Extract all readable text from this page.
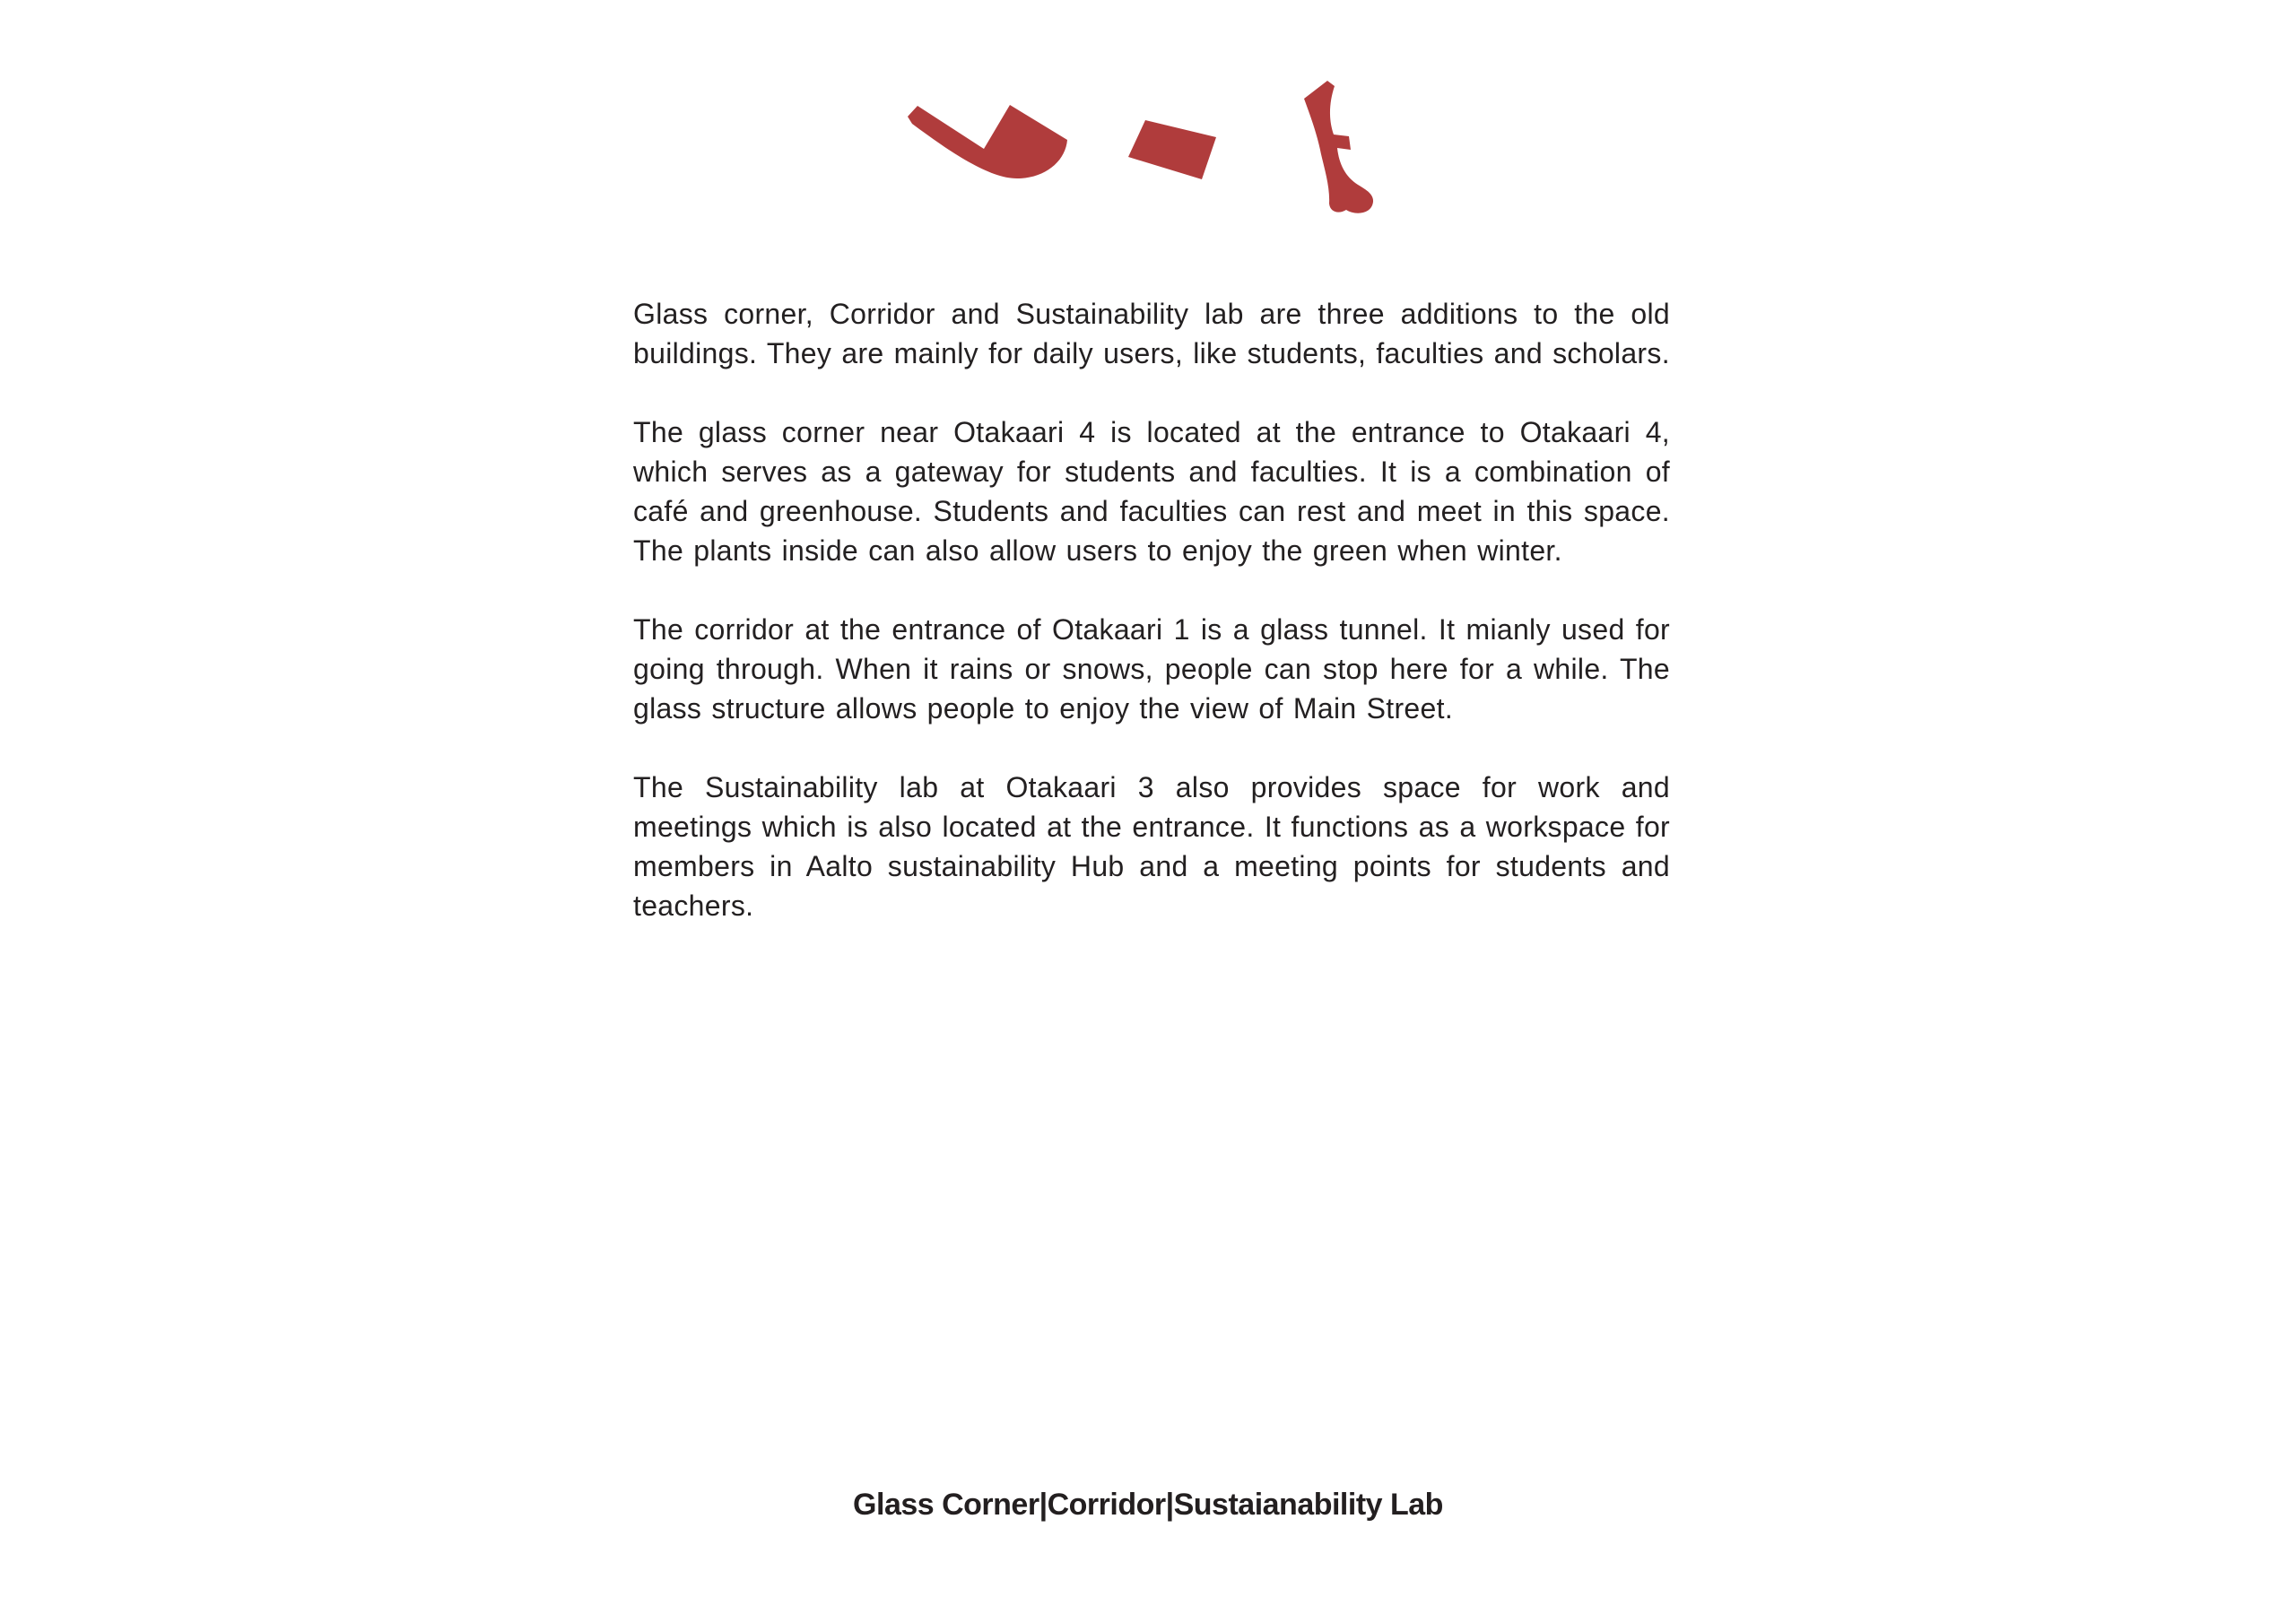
Glass corner, Corridor and Sustainability lab are three additions to the old buildings. They are mainly for daily users, like students, faculties and scholars.

The glass corner near Otakaari 4 is located at the entrance to Otakaari 4, which serves as a gateway for students and faculties. It is a combination of café and greenhouse. Students and faculties can rest and meet in this space. The plants inside can also allow users to enjoy the green when winter.

The corridor at the entrance of Otakaari 1 is a glass tunnel. It mianly used for going through. When it rains or snows, people can stop here for a while. The glass structure allows people to enjoy the view of Main Street.

The Sustainability lab at Otakaari 3 also provides space for work and meetings which is also located at the entrance. It functions as a workspace for members in Aalto sustainability Hub and a meeting points for students and teachers.

Glass Corner|Corridor|Sustaianability Lab
